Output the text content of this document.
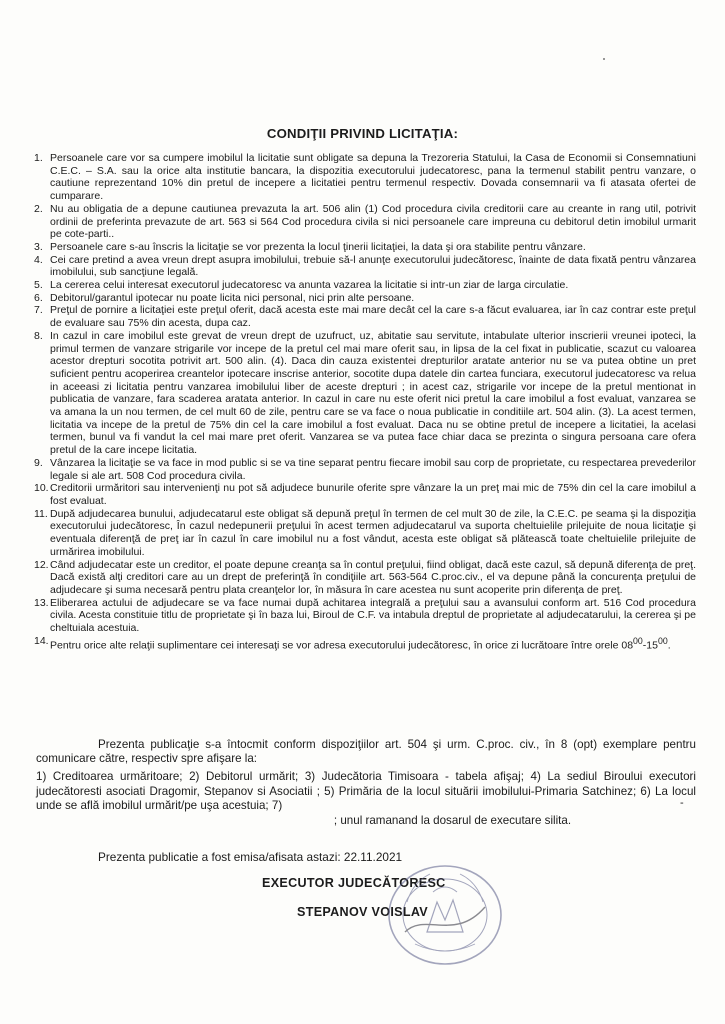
CONDIŢII PRIVIND LICITAŢIA:
1. Persoanele care vor sa cumpere imobilul la licitatie sunt obligate sa depuna la Trezoreria Statului, la Casa de Economii si Consemnatiuni C.E.C. – S.A. sau la orice alta institutie bancara, la dispozitia executorului judecatoresc, pana la termenul stabilit pentru vanzare, o cautiune reprezentand 10% din pretul de incepere a licitatiei pentru termenul respectiv. Dovada consemnarii va fi atasata ofertei de cumparare.
2. Nu au obligatia de a depune cautiunea prevazuta la art. 506 alin (1) Cod procedura civila creditorii care au creante in rang util, potrivit ordinii de preferinta prevazute de art. 563 si 564 Cod procedura civila si nici persoanele care impreuna cu debitorul detin imobilul urmarit pe cote-parti..
3. Persoanele care s-au înscris la licitaţie se vor prezenta la locul ţinerii licitaţiei, la data şi ora stabilite pentru vânzare.
4. Cei care pretind a avea vreun drept asupra imobilului, trebuie să-l anunţe executorului judecătoresc, înainte de data fixată pentru vânzarea imobilului, sub sancţiune legală.
5. La cererea celui interesat executorul judecatoresc va anunta vazarea la licitatie si intr-un ziar de larga circulatie.
6. Debitorul/garantul ipotecar nu poate licita nici personal, nici prin alte persoane.
7. Preţul de pornire a licitaţiei este preţul oferit, dacă acesta este mai mare decât cel la care s-a făcut evaluarea, iar în caz contrar este preţul de evaluare sau 75% din acesta, dupa caz.
8. In cazul in care imobilul este grevat de vreun drept de uzufruct, uz, abitatie sau servitute, intabulate ulterior inscrierii vreunei ipoteci, la primul termen de vanzare strigarile vor incepe de la pretul cel mai mare oferit sau, in lipsa de la cel fixat in publicatie, scazut cu valoarea acestor drepturi socotita potrivit art. 500 alin. (4). Daca din cauza existentei drepturilor aratate anterior nu se va putea obtine un pret suficient pentru acoperirea creantelor ipotecare inscrise anterior, socotite dupa datele din cartea funciara, executorul judecatoresc va relua in aceeasi zi licitatia pentru vanzarea imobilului liber de aceste drepturi ; in acest caz, strigarile vor incepe de la pretul mentionat in publicatia de vanzare, fara scaderea aratata anterior. In cazul in care nu este oferit nici pretul la care imobilul a fost evaluat, vanzarea se va amana la un nou termen, de cel mult 60 de zile, pentru care se va face o noua publicatie in conditiile art. 504 alin. (3). La acest termen, licitatia va incepe de la pretul de 75% din cel la care imobilul a fost evaluat. Daca nu se obtine pretul de incepere a licitatiei, la acelasi termen, bunul va fi vandut la cel mai mare pret oferit. Vanzarea se va putea face chiar daca se prezinta o singura persoana care ofera pretul de la care incepe licitatia.
9. Vânzarea la licitaţie se va face in mod public si se va tine separat pentru fiecare imobil sau corp de proprietate, cu respectarea prevederilor legale si ale art. 508 Cod procedura civila.
10. Creditorii urmăritori sau intervenienţi nu pot să adjudece bunurile oferite spre vânzare la un preţ mai mic de 75% din cel la care imobilul a fost evaluat.
11. După adjudecarea bunului, adjudecatarul este obligat să depună preţul în termen de cel mult 30 de zile, la C.E.C. pe seama şi la dispoziţia executorului judecătoresc, În cazul nedepunerii preţului în acest termen adjudecatarul va suporta cheltuielile prilejuite de noua licitaţie şi eventuala diferenţă de preţ iar în cazul în care imobilul nu a fost vândut, acesta este obligat să plătească toate cheltuielile prilejuite de urmărirea imobilului.
12. Când adjudecatar este un creditor, el poate depune creanţa sa în contul preţului, fiind obligat, dacă este cazul, să depună diferenţa de preţ. Dacă există alţi creditori care au un drept de preferinţă în condiţiile art. 563-564 C.proc.civ., el va depune până la concurenţa preţului de adjudecare şi suma necesară pentru plata creanţelor lor, în măsura în care acestea nu sunt acoperite prin diferenţa de preţ.
13. Eliberarea actului de adjudecare se va face numai după achitarea integrală a preţului sau a avansului conform art. 516 Cod procedura civila. Acesta constituie titlu de proprietate şi în baza lui, Biroul de C.F. va intabula dreptul de proprietate al adjudecatarului, la cererea şi pe cheltuiala acestuia.
14. Pentru orice alte relaţii suplimentare cei interesaţi se vor adresa executorului judecătoresc, în orice zi lucrătoare între orele $08^{00}-15^{00}$.
Prezenta publicaţie s-a întocmit conform dispoziţiilor art. 504 şi urm. C.proc. civ., în 8 (opt) exemplare pentru comunicare către, respectiv spre afişare la:
1) Creditoarea urmăritoare; 2) Debitorul urmărit; 3) Judecătoria Timisoara - tabela afişaj; 4) La sediul Biroului executori judecătoresti asociati Dragomir, Stepanov si Asociatii ; 5) Primăria de la locul situării imobilului-Primaria Satchinez; 6) La locul unde se află imobilul urmărit/pe uşa acestuia; 7)	-
; unul ramanand la dosarul de executare silita.
Prezenta publicatie a fost emisa/afisata astazi: 22.11.2021
EXECUTOR JUDECĂTORESC
STEPANOV VOISLAV
